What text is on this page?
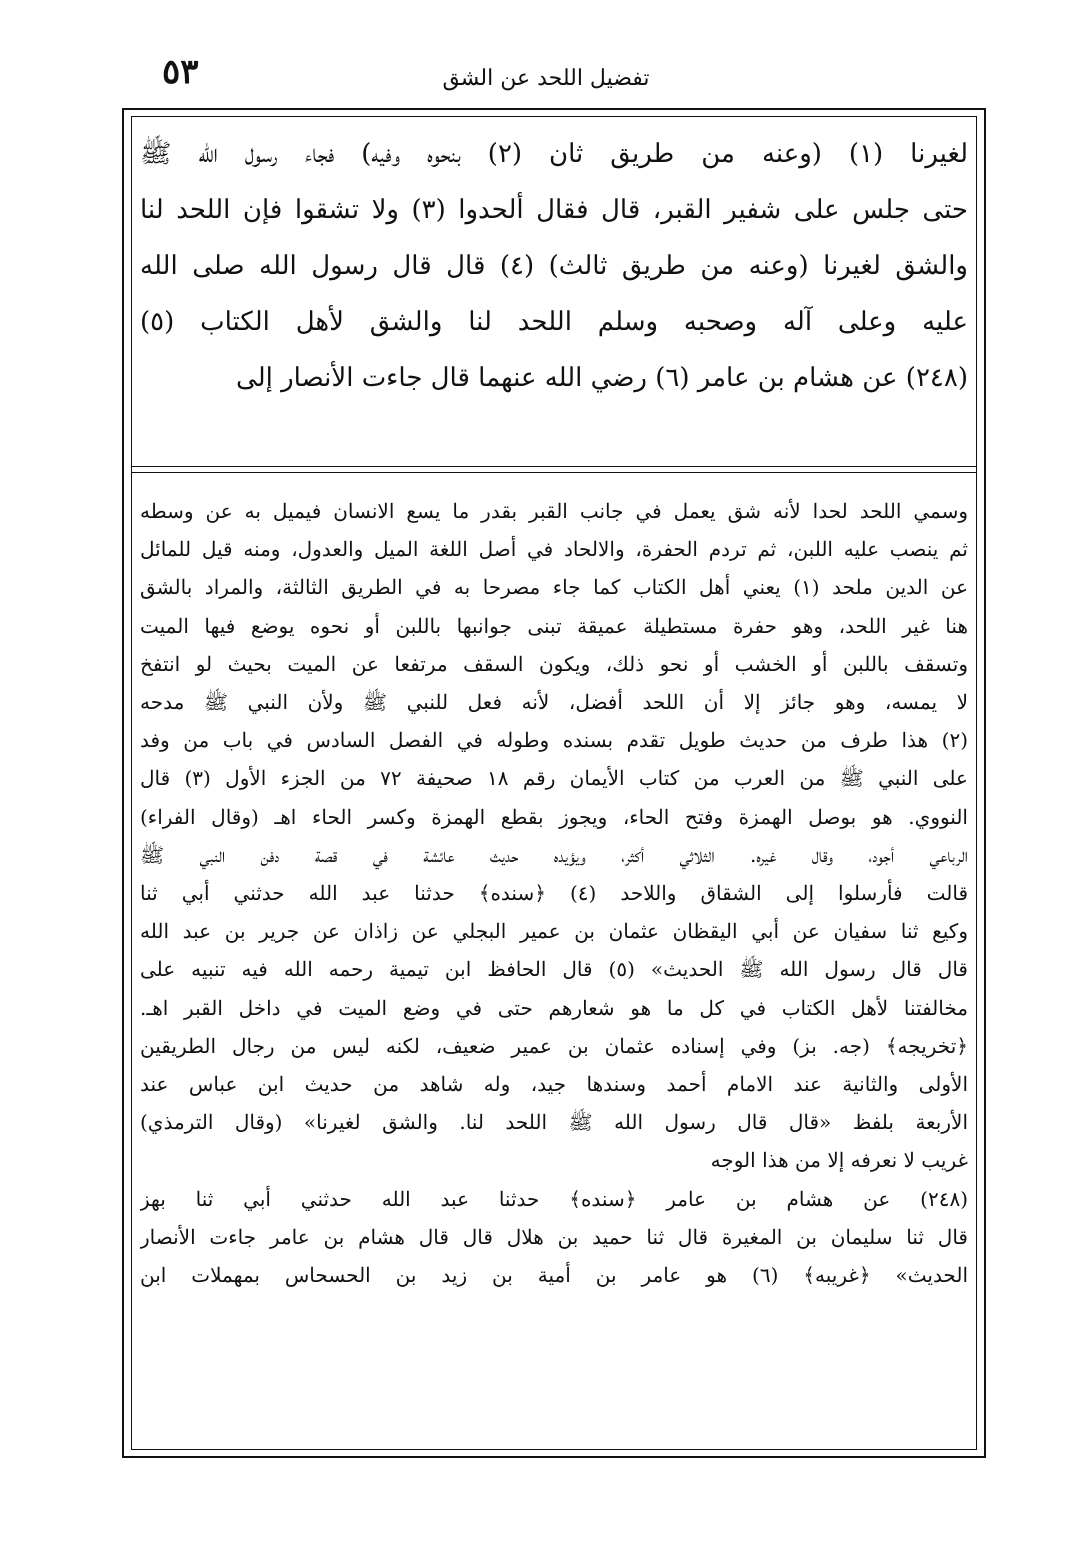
٥٣	تفضيل اللحد عن الشق
لغيرنا (١) (وعنه من طريق ثان (٢) بنحوه وفيه) فجاء رسول الله ﷺ
حتى جلس على شفير القبر، قال فقال ألحدوا (٣) ولا تشقوا فإن اللحد لنا
والشق لغيرنا (وعنه من طريق ثالث) (٤) قال قال رسول الله صلى الله
عليه وعلى آله وصحبه وسلم اللحد لنا والشق لأهل الكتاب (٥)
(٢٤٨) عن هشام بن عامر (٦) رضي الله عنهما قال جاءت الأنصار إلى
وسمي اللحد لحدا لأنه شق يعمل في جانب القبر بقدر ما يسع الانسان فيميل به عن وسطه
ثم ينصب عليه اللبن، ثم تردم الحفرة، والالحاد في أصل اللغة الميل والعدول، ومنه قيل للمائل
عن الدين ملحد (١) يعني أهل الكتاب كما جاء مصرحا به في الطريق الثالثة، والمراد بالشق
هنا غير اللحد، وهو حفرة مستطيلة عميقة تبنى جوانبها باللبن أو نحوه يوضع فيها الميت
وتسقف باللبن أو الخشب أو نحو ذلك، ويكون السقف مرتفعا عن الميت بحيث لو انتفخ
لا يمسه، وهو جائز إلا أن اللحد أفضل، لأنه فعل للنبي ﷺ ولأن النبي ﷺ مدحه
(٢) هذا طرف من حديث طويل تقدم بسنده وطوله في الفصل السادس في باب من وفد
على النبي ﷺ من العرب من كتاب الأيمان رقم ١٨ صحيفة ٧٢ من الجزء الأول (٣) قال
النووي. هو بوصل الهمزة وفتح الحاء، ويجوز بقطع الهمزة وكسر الحاء اهـ (وقال الفراء)
الرباعي أجود، وقال غيره. الثلاثي أكثر، ويؤيده حديث عائشة في قصة دفن النبي ﷺ
قالت فأرسلوا إلى الشقاق واللاحد (٤) ﴿سنده﴾ حدثنا عبد الله حدثني أبي ثنا
وكيع ثنا سفيان عن أبي اليقظان عثمان بن عمير البجلي عن زاذان عن جرير بن عبد الله
قال قال رسول الله ﷺ الحديث» (٥) قال الحافظ ابن تيمية رحمه الله فيه تنبيه على
مخالفتنا لأهل الكتاب في كل ما هو شعارهم حتى في وضع الميت في داخل القبر اهـ.
﴿تخريجه﴾ (جه. بز) وفي إسناده عثمان بن عمير ضعيف، لكنه ليس من رجال الطريقين
الأولى والثانية عند الامام أحمد وسندها جيد، وله شاهد من حديث ابن عباس عند
الأربعة بلفظ «قال قال رسول الله ﷺ اللحد لنا. والشق لغيرنا» (وقال الترمذي)
غريب لا نعرفه إلا من هذا الوجه
(٢٤٨) عن هشام بن عامر ﴿سنده﴾ حدثنا عبد الله حدثني أبي ثنا بهز
قال ثنا سليمان بن المغيرة قال ثنا حميد بن هلال قال قال هشام بن عامر جاءت الأنصار
الحديث» ﴿غريبه﴾ (٦) هو عامر بن أمية بن زيد بن الحسحاس بمهملات ابن
